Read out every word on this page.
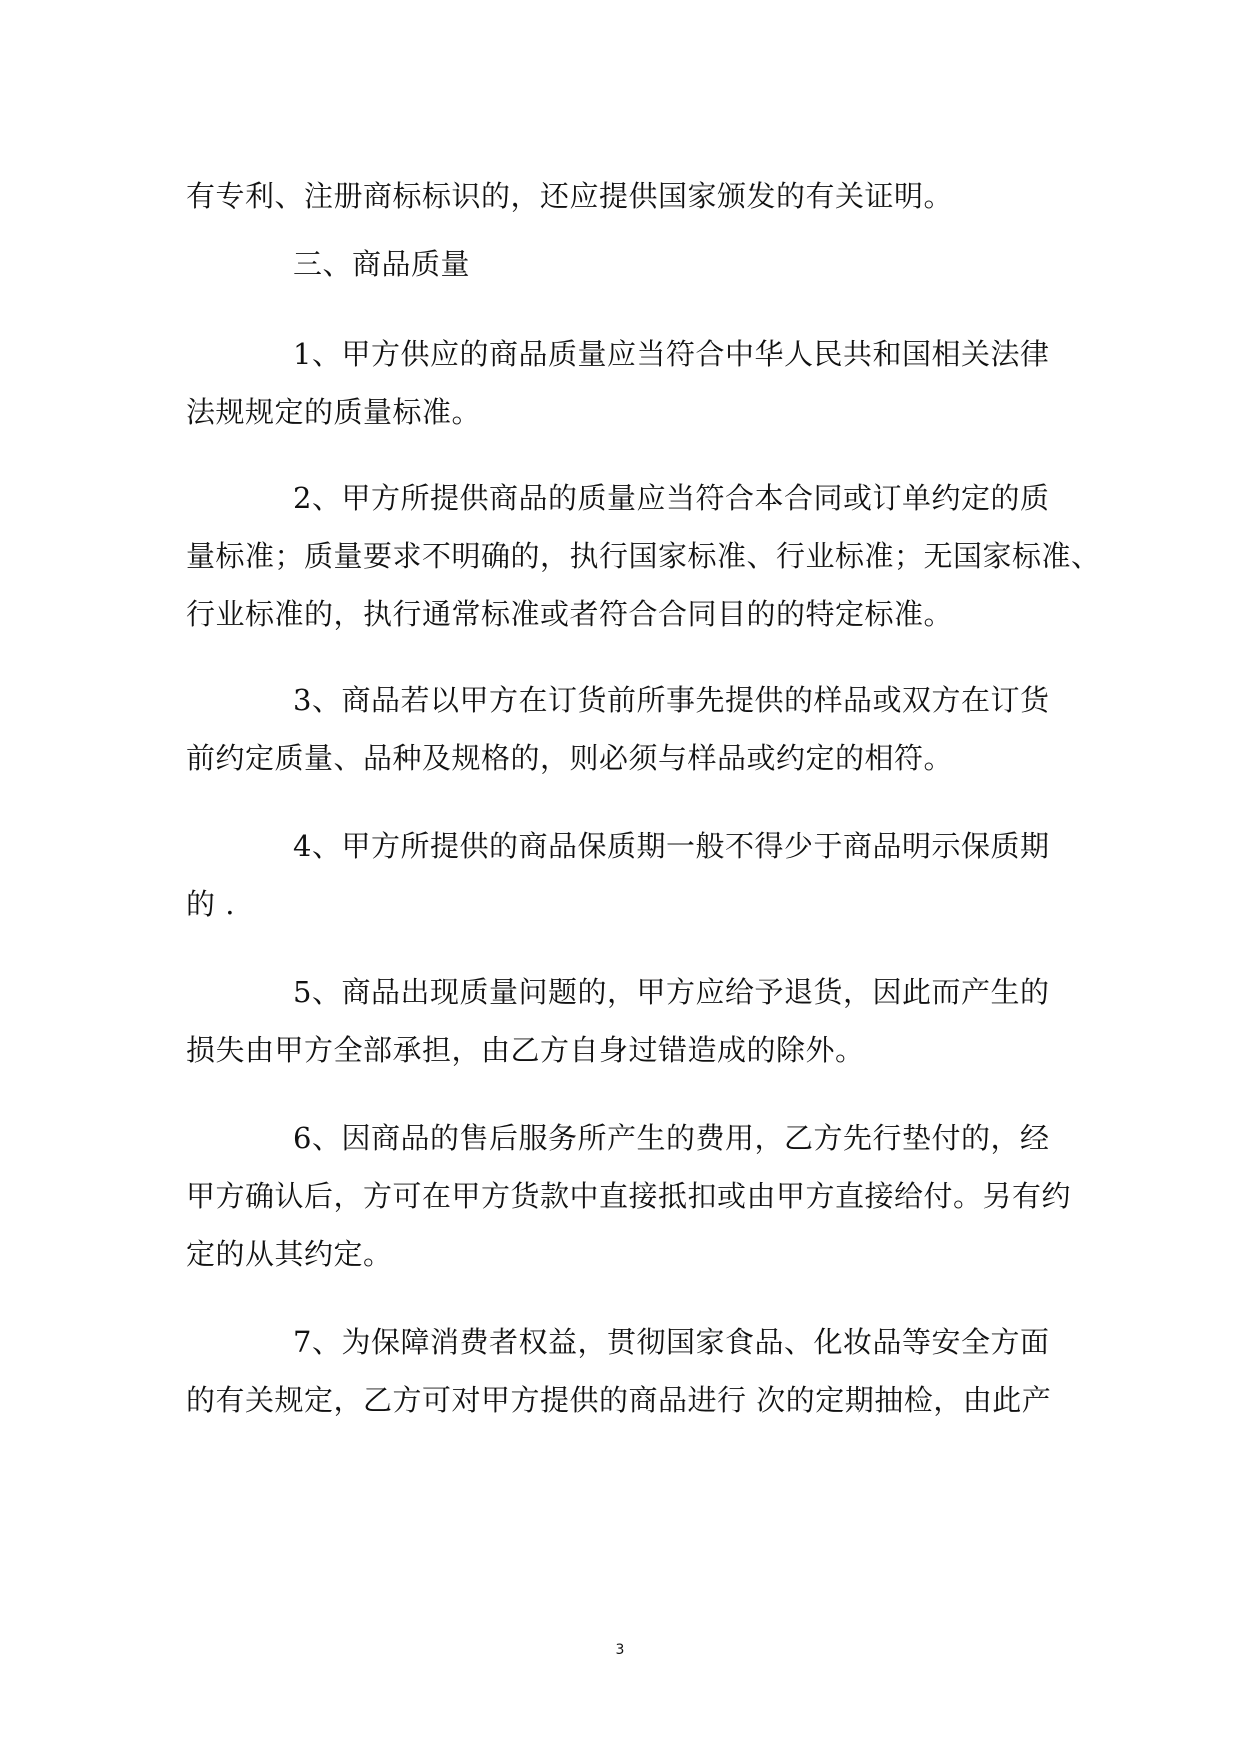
有专利、注册商标标识的，还应提供国家颁发的有关证明。
三、商品质量
1、甲方供应的商品质量应当符合中华人民共和国相关法律
法规规定的质量标准。
2、甲方所提供商品的质量应当符合本合同或订单约定的质
量标准；质量要求不明确的，执行国家标准、行业标准；无国家标准、
行业标准的，执行通常标准或者符合合同目的的特定标准。
3、商品若以甲方在订货前所事先提供的样品或双方在订货
前约定质量、品种及规格的，则必须与样品或约定的相符。
4、甲方所提供的商品保质期一般不得少于商品明示保质期
的 .
5、商品出现质量问题的，甲方应给予退货，因此而产生的
损失由甲方全部承担，由乙方自身过错造成的除外。
6、因商品的售后服务所产生的费用，乙方先行垫付的，经
甲方确认后，方可在甲方货款中直接抵扣或由甲方直接给付。另有约
定的从其约定。
7、为保障消费者权益，贯彻国家食品、化妆品等安全方面
的有关规定，乙方可对甲方提供的商品进行 次的定期抽检，由此产
3
